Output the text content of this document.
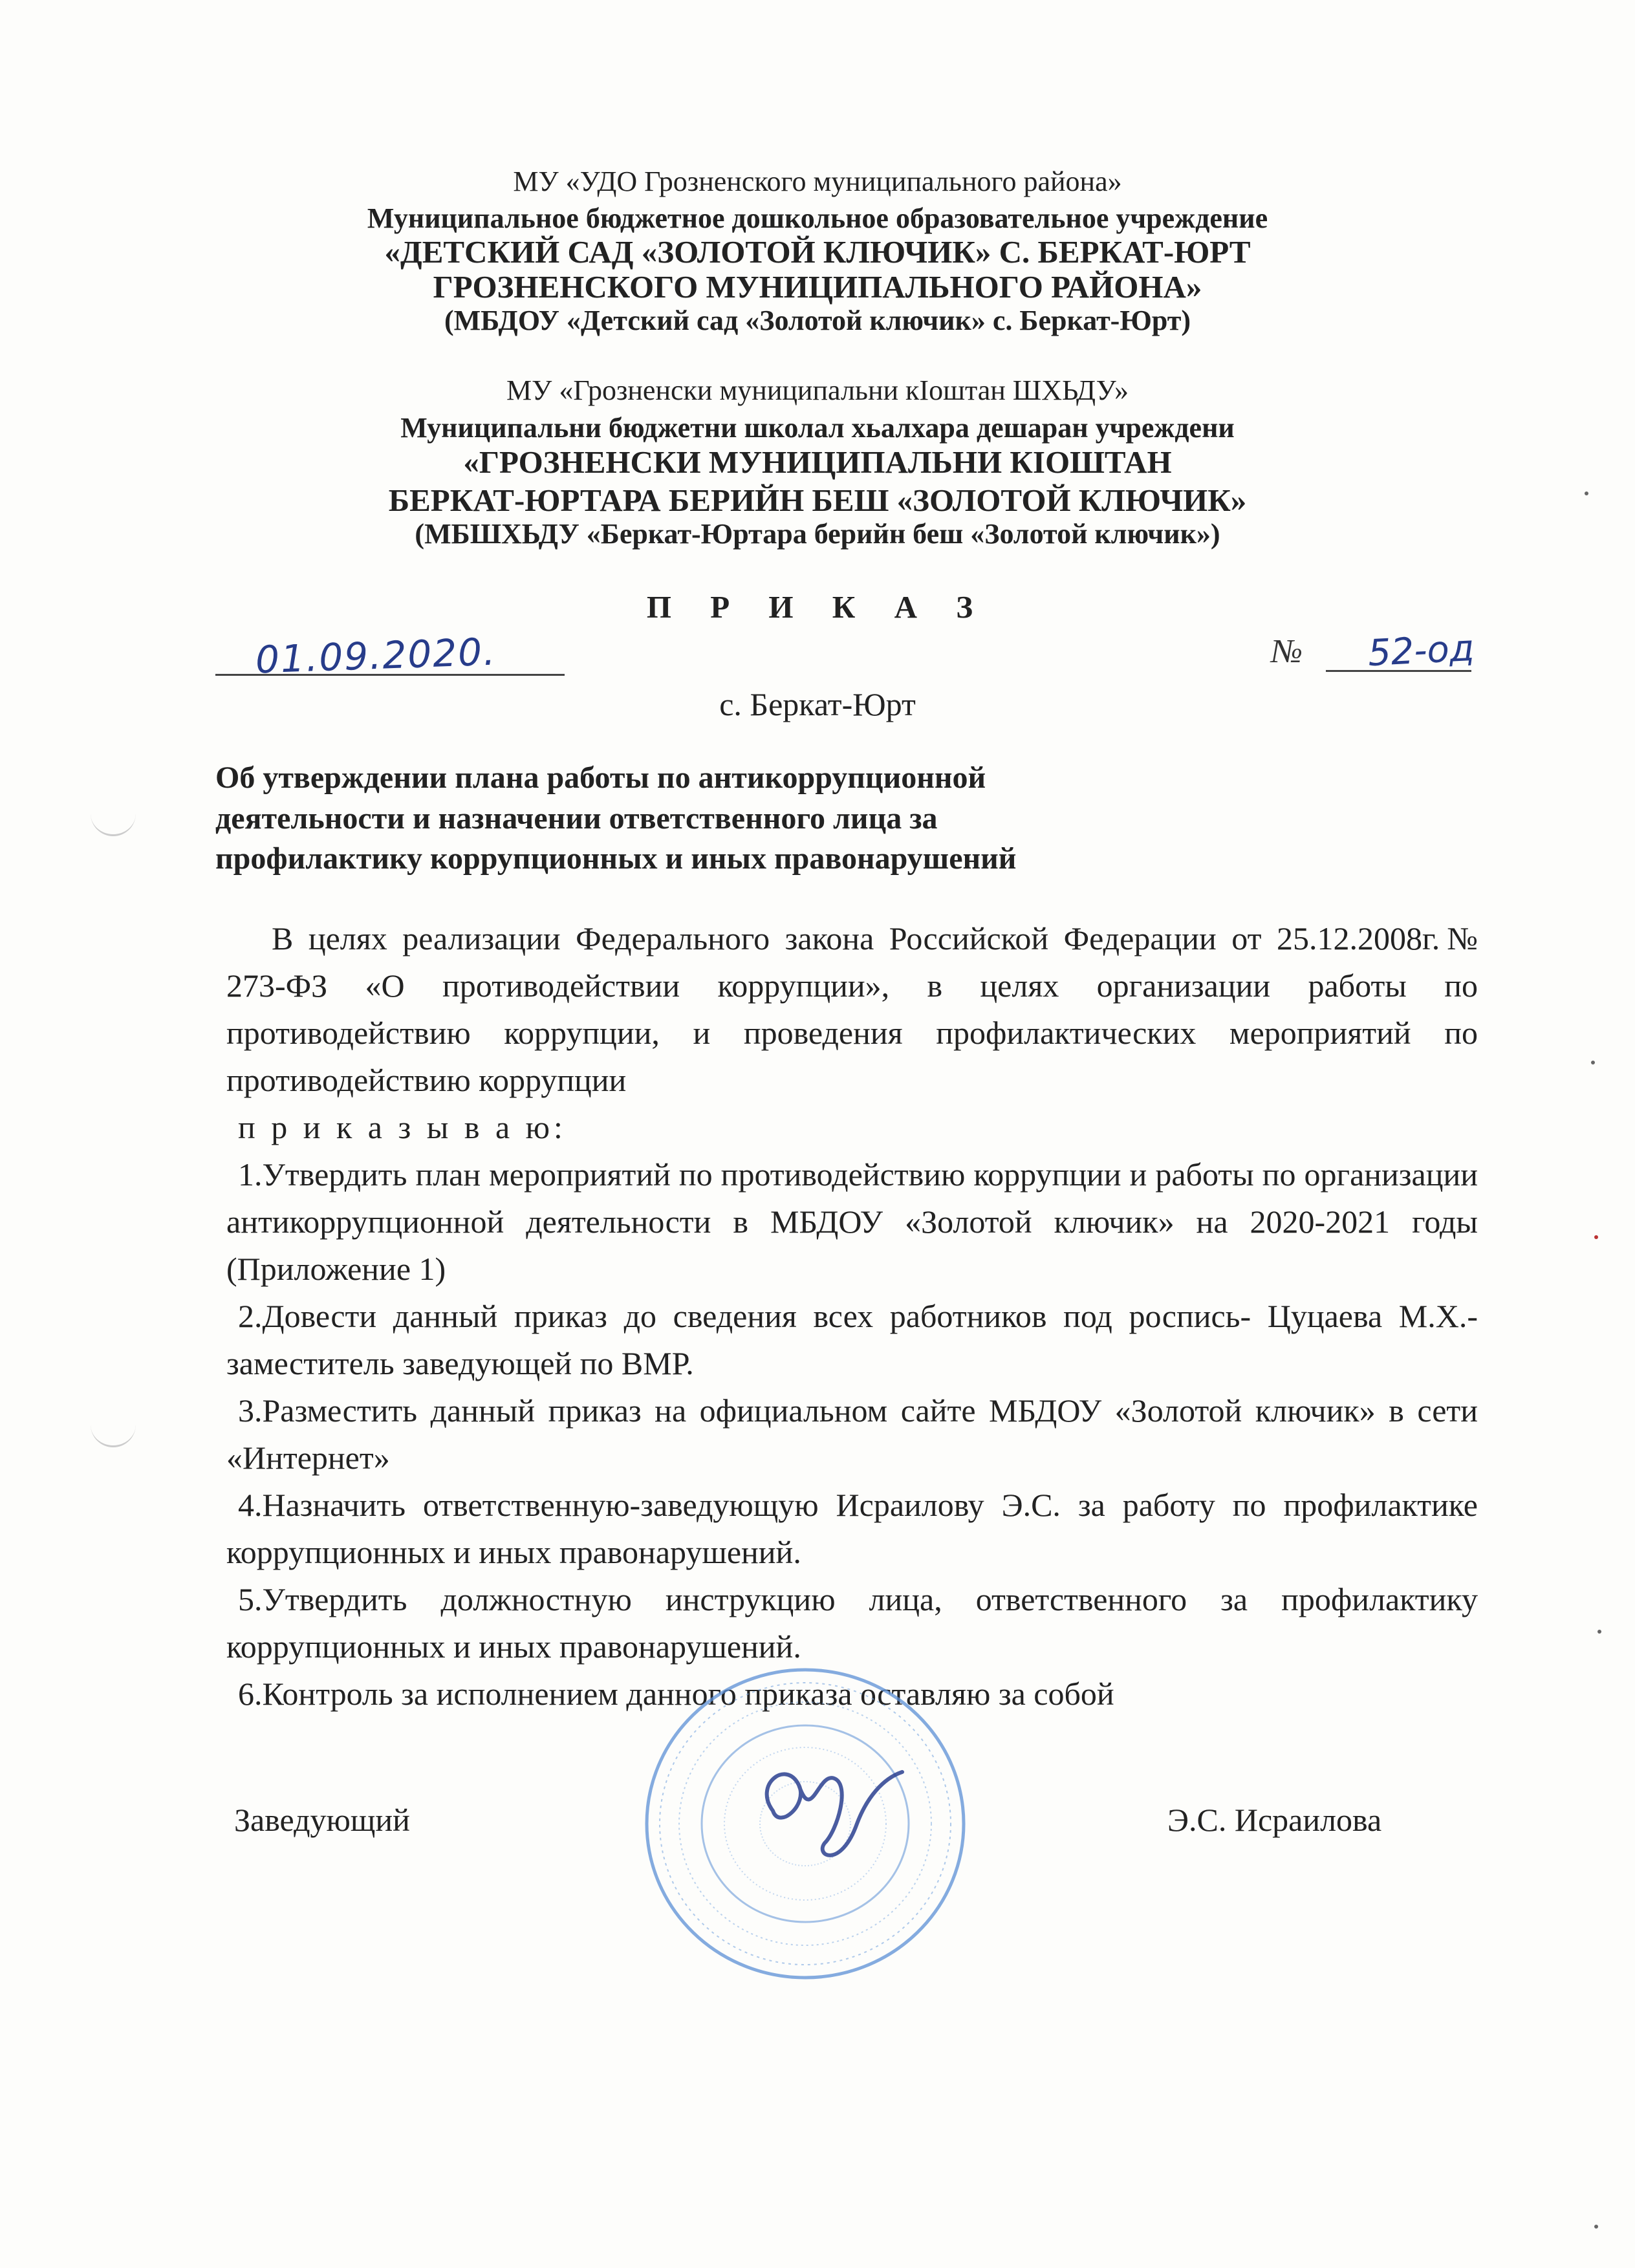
МУ «УДО Грозненского муниципального района»
Муниципальное бюджетное дошкольное образовательное учреждение
«ДЕТСКИЙ САД «ЗОЛОТОЙ КЛЮЧИК» С. БЕРКАТ-ЮРТ
ГРОЗНЕНСКОГО МУНИЦИПАЛЬНОГО РАЙОНА»
(МБДОУ «Детский сад «Золотой ключик» с. Беркат-Юрт)
МУ «Грозненски муниципальни кӀоштан ШХЬДУ»
Муниципальни бюджетни школал хьалхара дешаран учреждени
«ГРОЗНЕНСКИ МУНИЦИПАЛЬНИ КӀОШТАН
БЕРКАТ-ЮРТАРА БЕРИЙН БЕШ «ЗОЛОТОЙ КЛЮЧИК»
(МБШХЬДУ «Беркат-Юртара берийн беш «Золотой ключик»)
П Р И К А З
01.09.2020.	№ 52-од
с. Беркат-Юрт
Об утверждении плана работы по антикоррупционной
деятельности и назначении ответственного лица за
профилактику коррупционных и иных правонарушений

В целях реализации Федерального закона Российской Федерации от 25.12.2008г.№ 273-ФЗ «О противодействии коррупции», в целях организации работы по противодействию коррупции, и проведения профилактических мероприятий по противодействию коррупции

п р и к а з ы в а ю:

1.Утвердить план мероприятий по противодействию коррупции и работы по организации антикоррупционной деятельности в МБДОУ «Золотой ключик» на 2020-2021 годы (Приложение 1)

2.Довести данный приказ до сведения всех работников под роспись- Цуцаева М.Х.-заместитель заведующей по ВМР.

3.Разместить данный приказ на официальном сайте МБДОУ «Золотой ключик» в сети «Интернет»

4.Назначить ответственную-заведующую Исраилову Э.С. за работу по профилактике коррупционных и иных правонарушений.

5.Утвердить должностную инструкцию лица, ответственного за профилактику коррупционных и иных правонарушений.

6.Контроль за исполнением данного приказа оставляю за собой

Заведующий	Э.С. Исраилова
